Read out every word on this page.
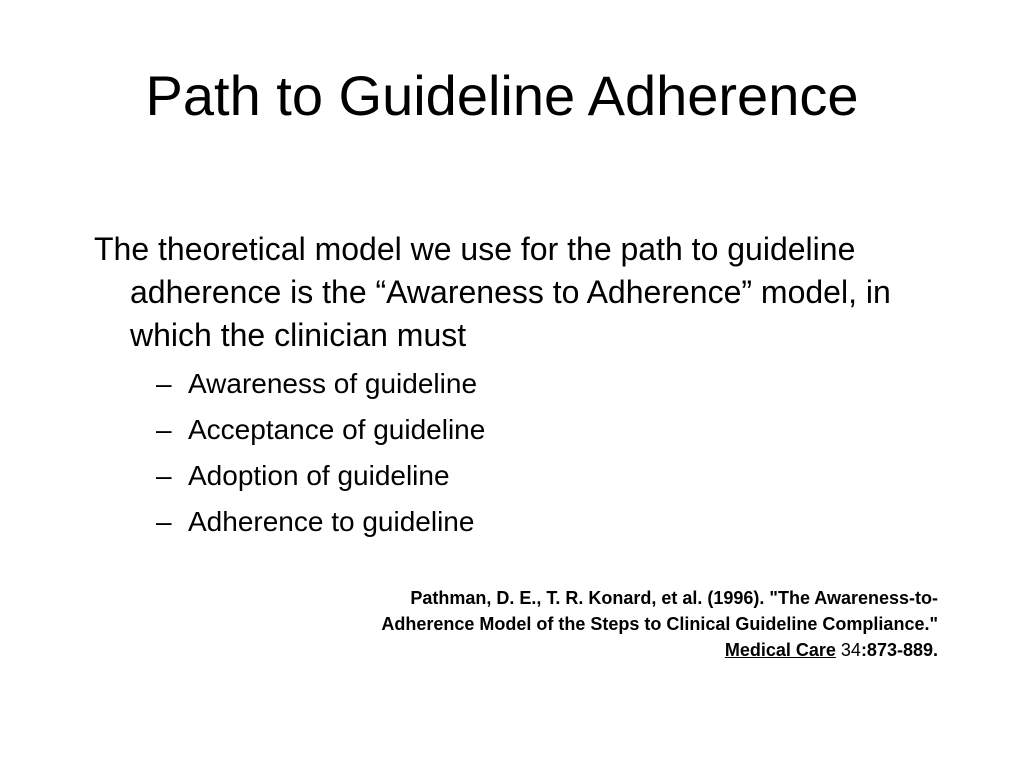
Path to Guideline Adherence

The theoretical model we use for the path to guideline adherence is the “Awareness to Adherence” model, in which the clinician must

– Awareness of guideline
– Acceptance of guideline
– Adoption of guideline
– Adherence to guideline
Pathman, D. E., T. R. Konard, et al. (1996). "The Awareness-to-
Adherence Model of the Steps to Clinical Guideline Compliance."
Medical Care 34:873-889.
